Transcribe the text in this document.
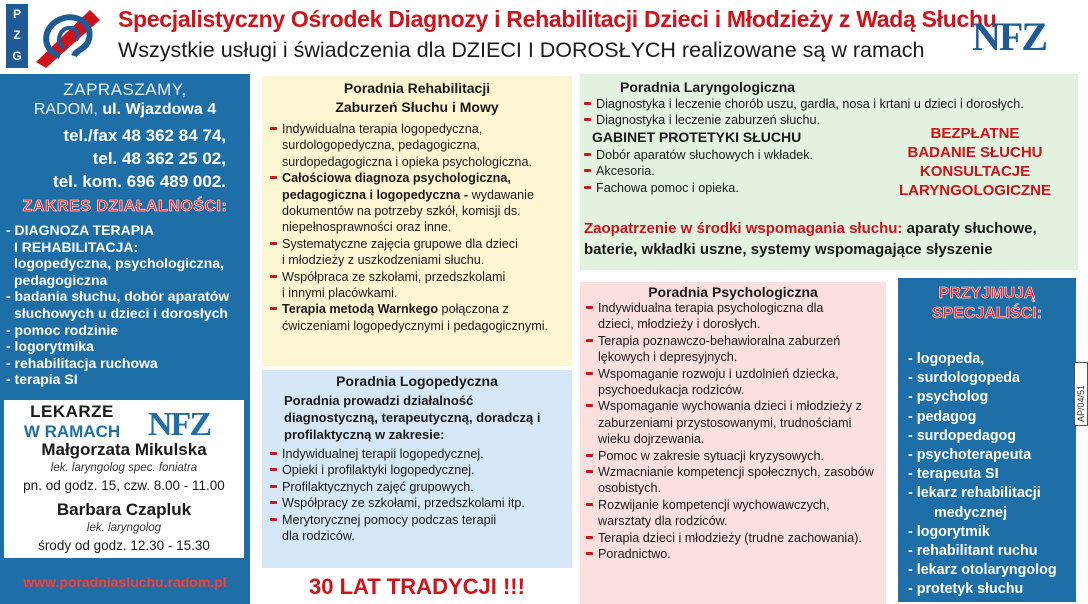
P
Z
G
Specjalistyczny Ośrodek Diagnozy i Rehabilitacji Dzieci i Młodzieży z Wadą Słuchu
Wszystkie usługi i świadczenia dla DZIECI I DOROSŁYCH realizowane są w ramach	NFZ
ZAPRASZAMY,
RADOM, ul. Wjazdowa 4
tel./fax 48 362 84 74,
tel. 48 362 25 02,
tel. kom. 696 489 002.
ZAKRES DZIAŁALNOŚCI:
- DIAGNOZA TERAPIA
I REHABILITACJA:
logopedyczna, psychologiczna,
pedagogiczna
- badania słuchu, dobór aparatów
słuchowych u dzieci i dorosłych
- pomoc rodzinie
- logorytmika
- rehabilitacja ruchowa
- terapia SI
LEKARZE
W RAMACH NFZ
Małgorzata Mikulska
lek. laryngolog spec. foniatra
pn. od godz. 15, czw. 8.00 - 11.00
Barbara Czapluk
lek. laryngolog
środy od godz. 12.30 - 15.30
www.poradniasluchu.radom.pl
Poradnia Rehabilitacji
Zaburzeń Słuchu i Mowy
Indywidualna terapia logopedyczna,
surdologopedyczna, pedagogiczna,
surdopedagogiczna i opieka psychologiczna.
Całościowa diagnoza psychologiczna, pedagogiczna i logopedyczna - wydawanie dokumentów na potrzeby szkół, komisji ds. niepełnosprawności oraz inne.
Systematyczne zajęcia grupowe dla dzieci
i młodzieży z uszkodzeniami słuchu.
Współpraca ze szkołami, przedszkolami
i innymi placówkami.
Terapia metodą Warnkego połączona z ćwiczeniami logopedycznymi i pedagogicznymi.
Poradnia Logopedyczna
Poradnia prowadzi działalność diagnostyczną, terapeutyczną, doradczą i profilaktyczną w zakresie:
Indywidualnej terapii logopedycznej.
Opieki i profilaktyki logopedycznej.
Profilaktycznych zajęć grupowych.
Współpracy ze szkołami, przedszkolami itp.
Merytorycznej pomocy podczas terapii dla rodziców.
30 LAT TRADYCJI !!!
Poradnia Laryngologiczna
Diagnostyka i leczenie chorób uszu, gardła, nosa i krtani u dzieci i dorosłych.
Diagnostyka i leczenie zaburzeń słuchu.
GABINET PROTETYKI SŁUCHU
Dobór aparatów słuchowych i wkładek.
Akcesoria.
Fachowa pomoc i opieka.
BEZPŁATNE
BADANIE SŁUCHU
KONSULTACJE
LARYNGOLOGICZNE
Zaopatrzenie w środki wspomagania słuchu: aparaty słuchowe, baterie, wkładki uszne, systemy wspomagające słyszenie
Poradnia Psychologiczna
Indywidualna terapia psychologiczna dla dzieci, młodzieży i dorosłych.
Terapia poznawczo-behawioralna zaburzeń lękowych i depresyjnych.
Wspomaganie rozwoju i uzdolnień dziecka, psychoedukacja rodziców.
Wspomaganie wychowania dzieci i młodzieży z zaburzeniami przystosowanymi, trudnościami wieku dojrzewania.
Pomoc w zakresie sytuacji kryzysowych.
Wzmacnianie kompetencji społecznych, zasobów osobistych.
Rozwijanie kompetencji wychowawczych, warsztaty dla rodziców.
Terapia dzieci i młodzieży (trudne zachowania).
Poradnictwo.
PRZYJMUJĄ
SPECJALIŚCI:
- logopeda,
- surdologopeda
- psycholog
- pedagog
- surdopedagog
- psychoterapeuta
- terapeuta SI
- lekarz rehabilitacji
medycznej
- logorytmik
- rehabilitant ruchu
- lekarz otolaryngolog
- protetyk słuchu
AP/04/51
